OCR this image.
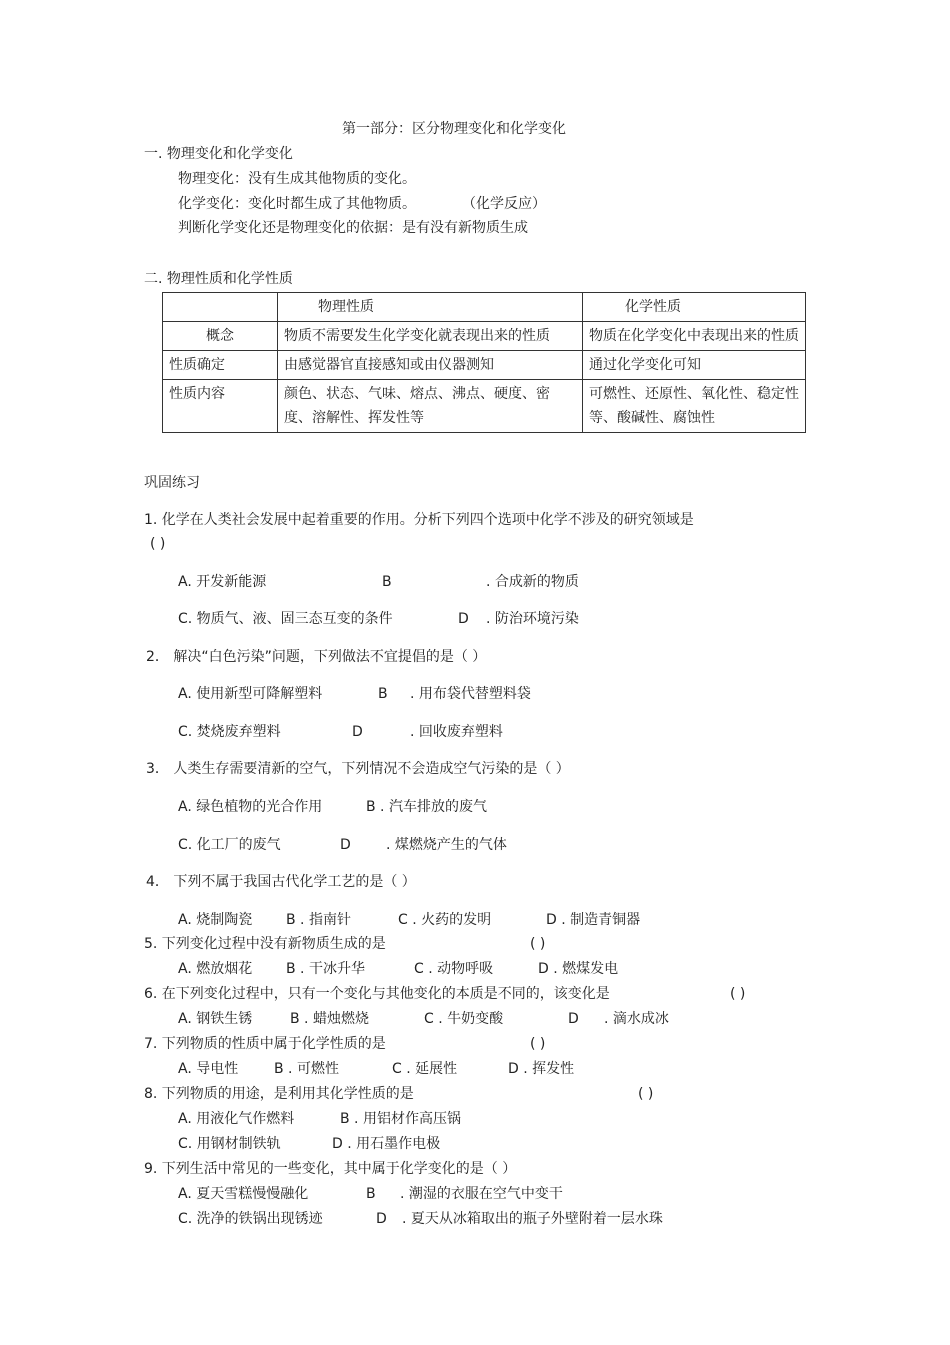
第一部分：区分物理变化和化学变化
一. 物理变化和化学变化
物理变化：没有生成其他物质的变化。
化学变化：变化时都生成了其他物质。	（化学反应）
判断化学变化还是物理变化的依据：是有没有新物质生成
二. 物理性质和化学性质
	物理性质	化学性质
概念	物质不需要发生化学变化就表现出来的性质	物质在化学变化中表现出来的性质
性质确定	由感觉器官直接感知或由仪器测知	通过化学变化可知
性质内容	颜色、状态、气味、熔点、沸点、硬度、密度、溶解性、挥发性等	可燃性、还原性、氧化性、稳定性等、酸碱性、腐蚀性
巩固练习
1. 化学在人类社会发展中起着重要的作用。分析下列四个选项中化学不涉及的研究领域是
( )
A. 开发新能源	B	. 合成新的物质
C. 物质气、液、固三态互变的条件	D . 防治环境污染
2． 解决“白色污染”问题，下列做法不宜提倡的是（ ）
A. 使用新型可降解塑料	B . 用布袋代替塑料袋
C. 焚烧废弃塑料	D	. 回收废弃塑料
3． 人类生存需要清新的空气，下列情况不会造成空气污染的是（ ）
A. 绿色植物的光合作用	B . 汽车排放的废气
C. 化工厂的废气	D	. 煤燃烧产生的气体
4． 下列不属于我国古代化学工艺的是（ ）
A. 烧制陶瓷 B . 指南针	C . 火药的发明	D . 制造青铜器
5. 下列变化过程中没有新物质生成的是	( )
A. 燃放烟花 B . 干冰升华	C . 动物呼吸	D . 燃煤发电
6. 在下列变化过程中，只有一个变化与其他变化的本质是不同的，该变化是	( )
A. 钢铁生锈	B . 蜡烛燃烧	C . 牛奶变酸	D . 滴水成冰
7. 下列物质的性质中属于化学性质的是	( )
A. 导电性	B . 可燃性	C . 延展性	D . 挥发性
8. 下列物质的用途，是利用其化学性质的是	( )
A. 用液化气作燃料	B . 用铝材作高压锅
C. 用钢材制铁轨	D . 用石墨作电极
9. 下列生活中常见的一些变化，其中属于化学变化的是（ ）
A. 夏天雪糕慢慢融化	B . 潮湿的衣服在空气中变干
C. 洗净的铁锅出现锈迹	D . 夏天从冰箱取出的瓶子外壁附着一层水珠
